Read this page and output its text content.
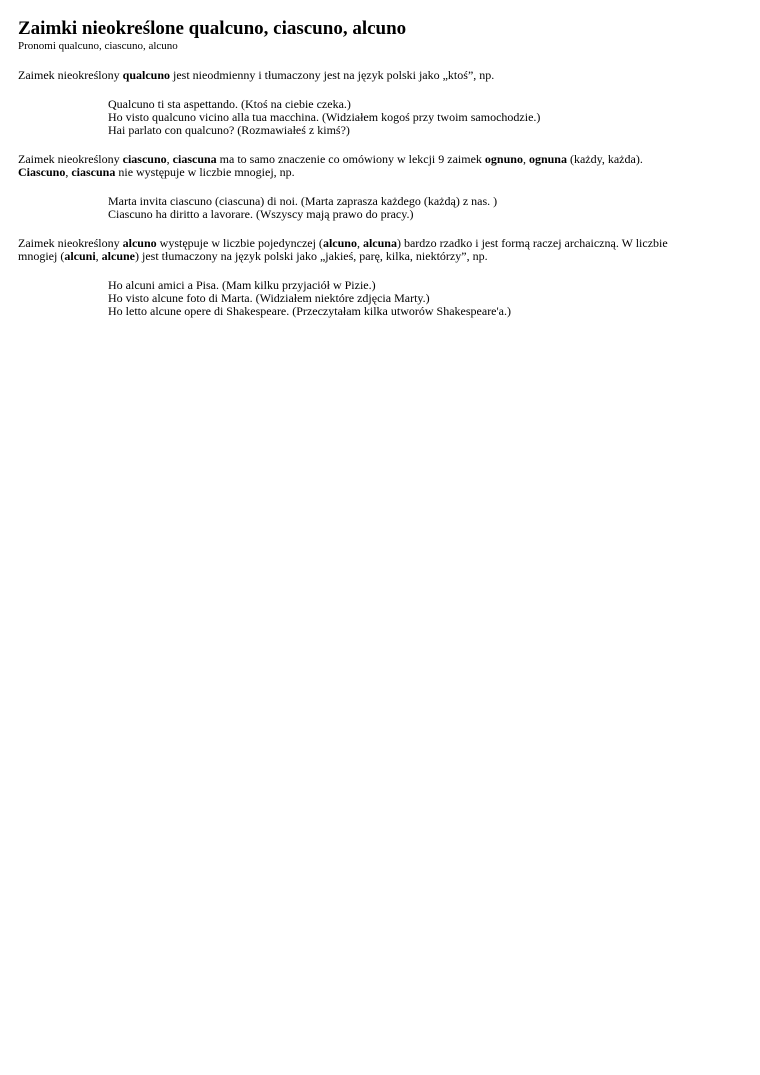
Zaimki nieokreślone qualcuno, ciascuno, alcuno
Pronomi qualcuno, ciascuno, alcuno

Zaimek nieokreślony qualcuno jest nieodmienny i tłumaczony jest na język polski jako „ktoś”, np.

Qualcuno ti sta aspettando. (Ktoś na ciebie czeka.)
Ho visto qualcuno vicino alla tua macchina. (Widziałem kogoś przy twoim samochodzie.)
Hai parlato con qualcuno? (Rozmawiałeś z kimś?)

Zaimek nieokreślony ciascuno, ciascuna ma to samo znaczenie co omówiony w lekcji 9 zaimek ognuno, ognuna (każdy, każda). Ciascuno, ciascuna nie występuje w liczbie mnogiej, np.

Marta invita ciascuno (ciascuna) di noi. (Marta zaprasza każdego (każdą) z nas. )
Ciascuno ha diritto a lavorare. (Wszyscy mają prawo do pracy.)

Zaimek nieokreślony alcuno występuje w liczbie pojedynczej (alcuno, alcuna) bardzo rzadko i jest formą raczej archaiczną. W liczbie mnogiej (alcuni, alcune) jest tłumaczony na język polski jako „jakieś, parę, kilka, niektórzy”, np.

Ho alcuni amici a Pisa. (Mam kilku przyjaciół w Pizie.)
Ho visto alcune foto di Marta. (Widziałem niektóre zdjęcia Marty.)
Ho letto alcune opere di Shakespeare. (Przeczytałam kilka utworów Shakespeare'a.)
